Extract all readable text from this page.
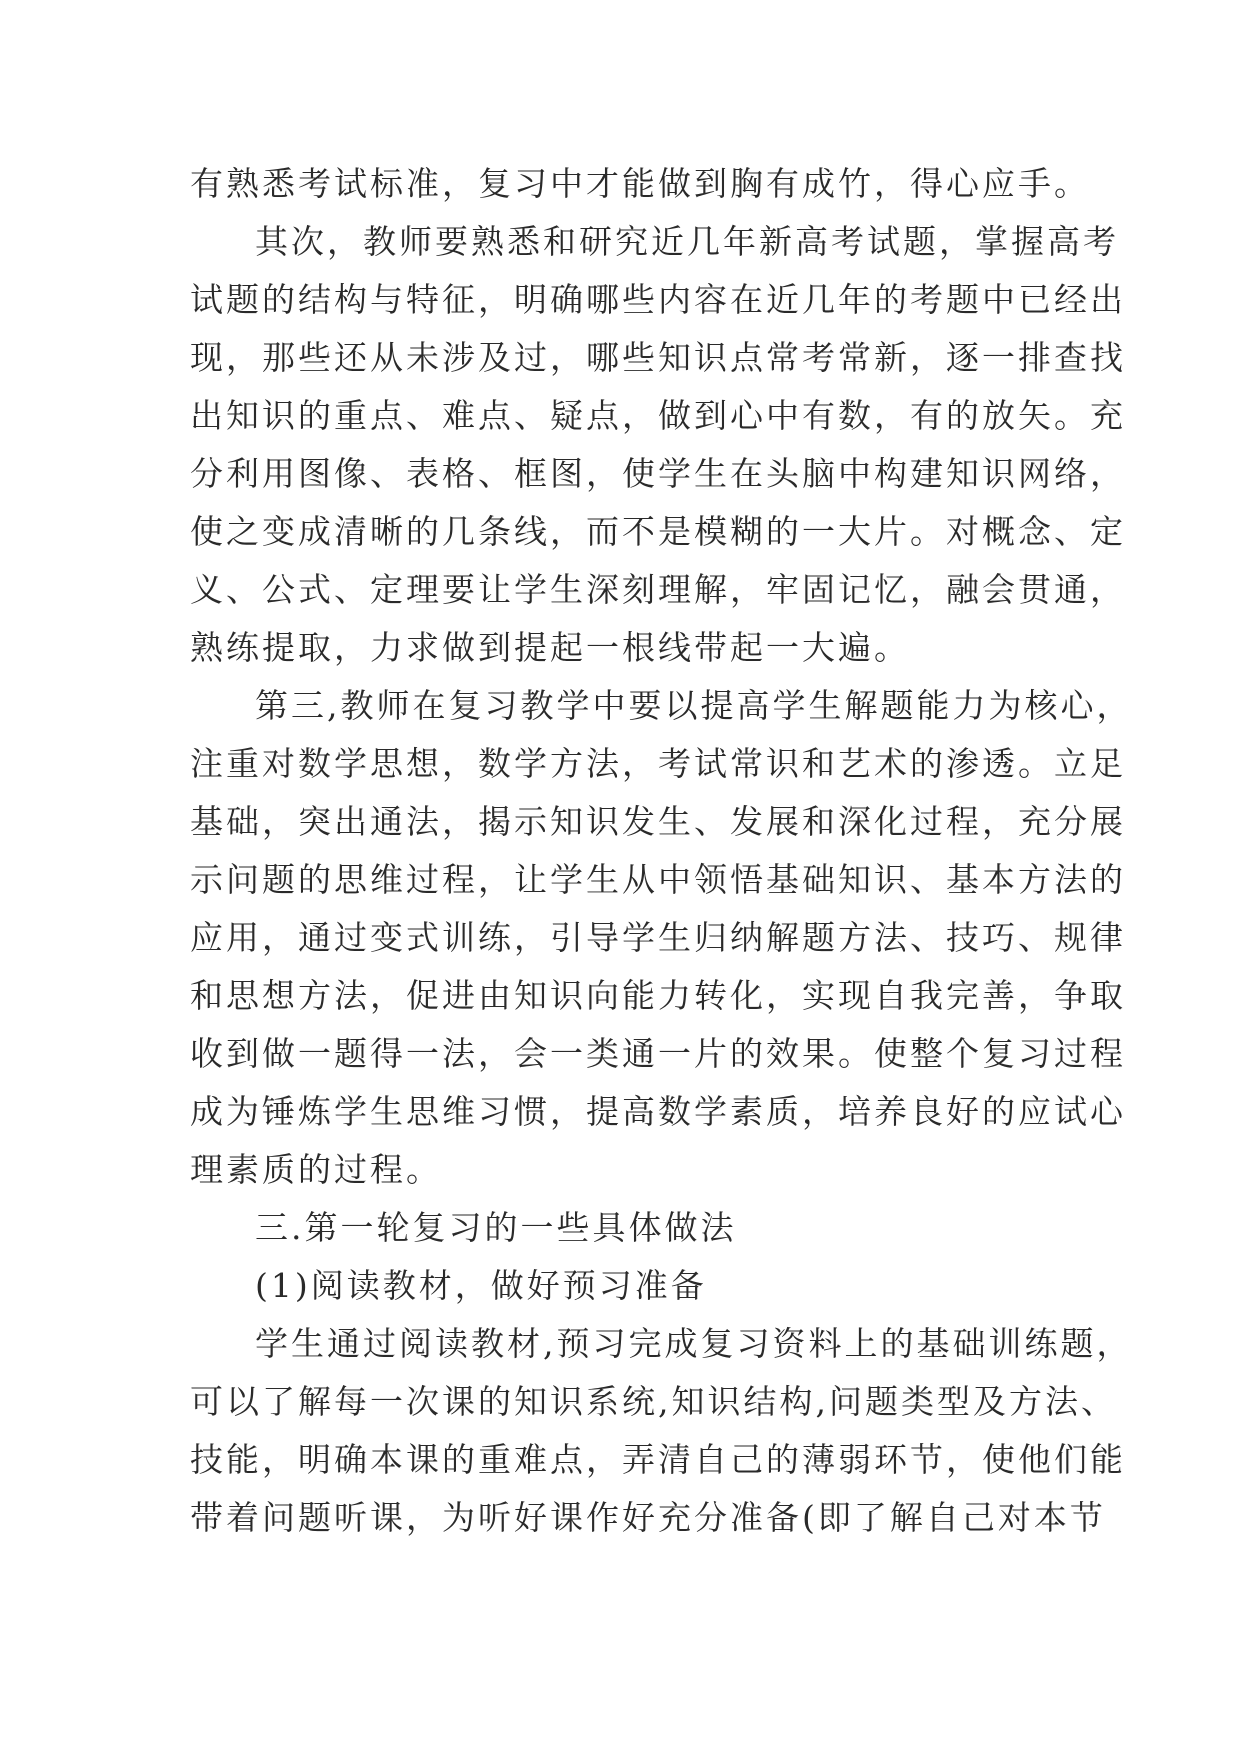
有熟悉考试标准，复习中才能做到胸有成竹，得心应手。
其次，教师要熟悉和研究近几年新高考试题，掌握高考
试题的结构与特征，明确哪些内容在近几年的考题中已经出
现，那些还从未涉及过，哪些知识点常考常新，逐一排查找
出知识的重点、难点、疑点，做到心中有数，有的放矢。充
分利用图像、表格、框图，使学生在头脑中构建知识网络，
使之变成清晰的几条线，而不是模糊的一大片。对概念、定
义、公式、定理要让学生深刻理解，牢固记忆，融会贯通，
熟练提取，力求做到提起一根线带起一大遍。
第三,教师在复习教学中要以提高学生解题能力为核心，
注重对数学思想，数学方法，考试常识和艺术的渗透。立足
基础，突出通法，揭示知识发生、发展和深化过程，充分展
示问题的思维过程，让学生从中领悟基础知识、基本方法的
应用，通过变式训练，引导学生归纳解题方法、技巧、规律
和思想方法，促进由知识向能力转化，实现自我完善，争取
收到做一题得一法，会一类通一片的效果。使整个复习过程
成为锤炼学生思维习惯，提高数学素质，培养良好的应试心
理素质的过程。
三.第一轮复习的一些具体做法
(1)阅读教材，做好预习准备
学生通过阅读教材,预习完成复习资料上的基础训练题，
可以了解每一次课的知识系统,知识结构,问题类型及方法、
技能，明确本课的重难点，弄清自己的薄弱环节，使他们能
带着问题听课，为听好课作好充分准备(即了解自己对本节
